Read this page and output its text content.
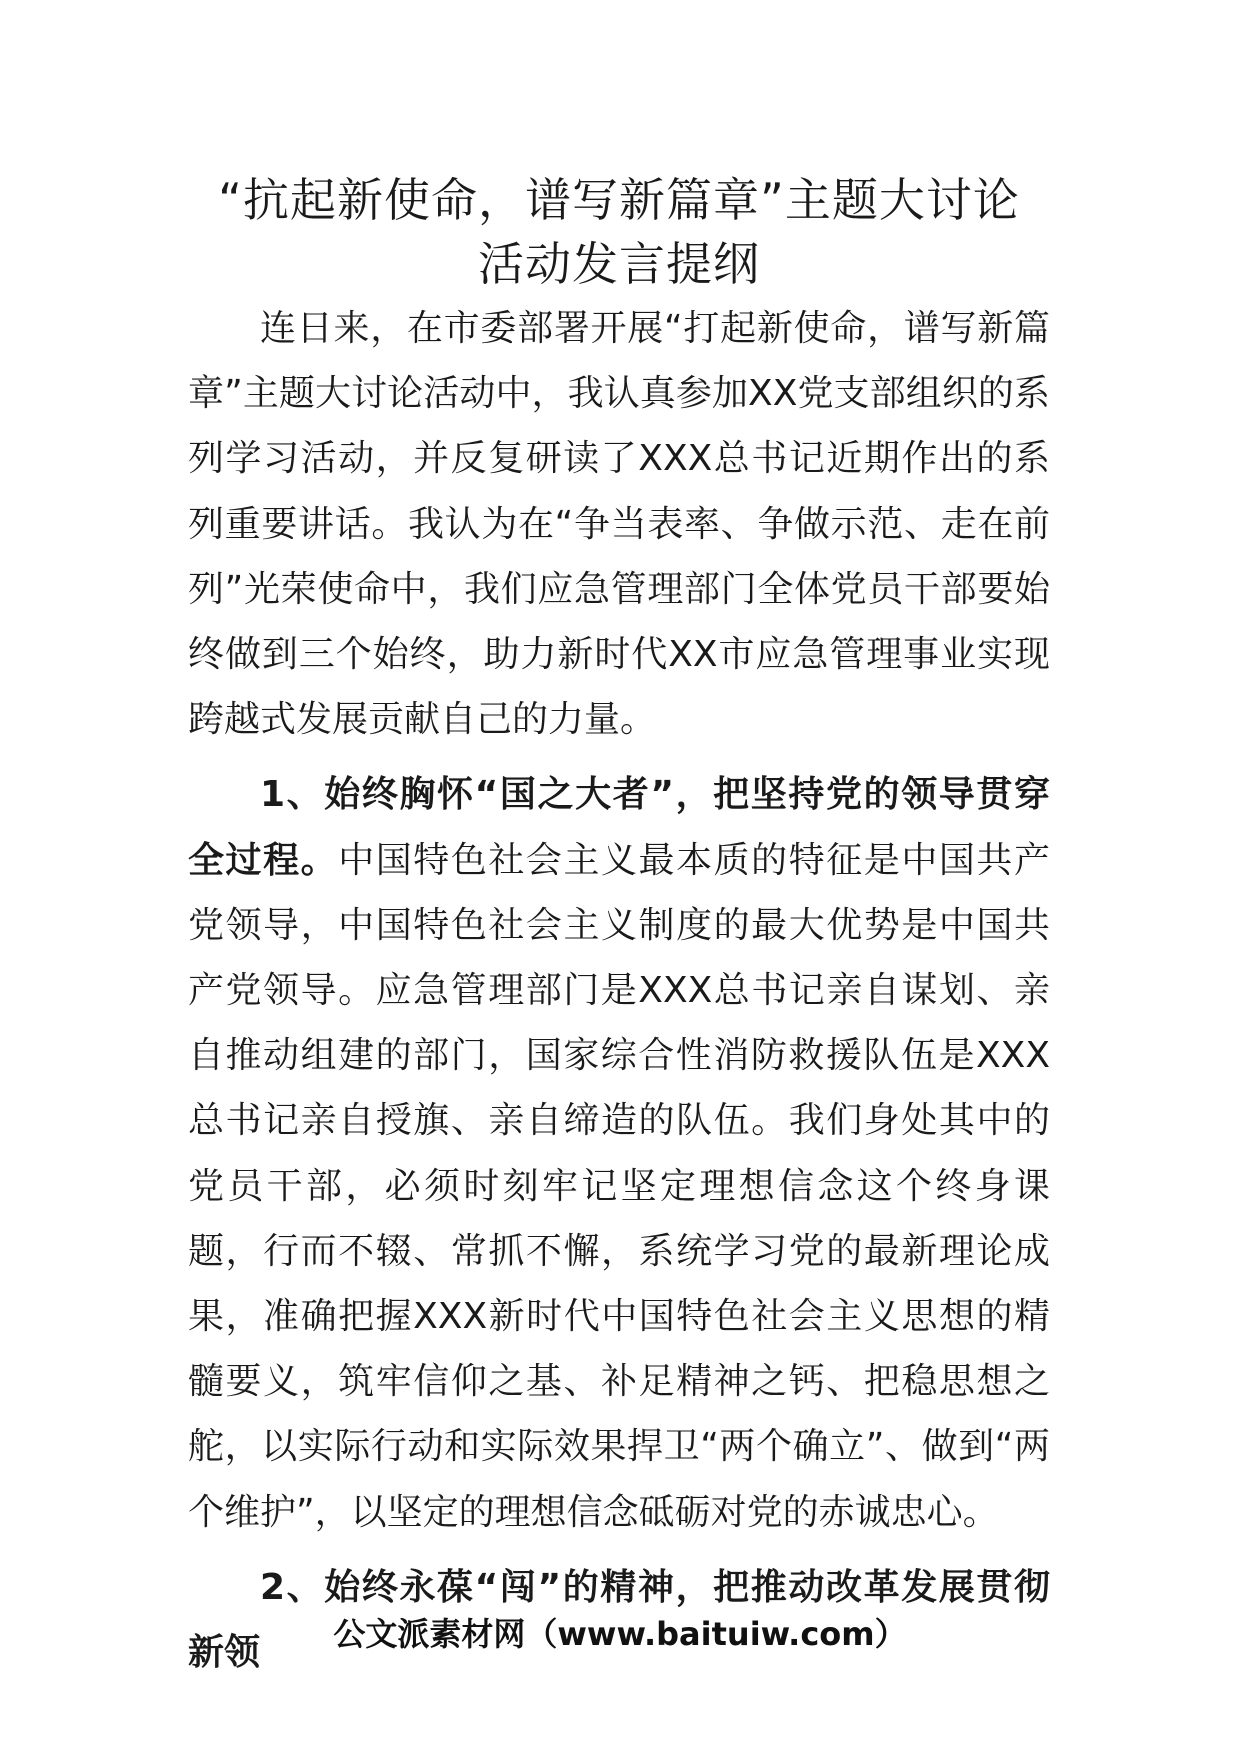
“抗起新使命，谱写新篇章”主题大讨论
活动发言提纲

连日来，在市委部署开展“打起新使命，谱写新篇章”主题大讨论活动中，我认真参加XX党支部组织的系列学习活动，并反复研读了XXX总书记近期作出的系列重要讲话。我认为在“争当表率、争做示范、走在前列”光荣使命中，我们应急管理部门全体党员干部要始终做到三个始终，助力新时代XX市应急管理事业实现跨越式发展贡献自己的力量。

1、始终胸怀“国之大者”，把坚持党的领导贯穿全过程。中国特色社会主义最本质的特征是中国共产党领导，中国特色社会主义制度的最大优势是中国共产党领导。应急管理部门是XXX总书记亲自谋划、亲自推动组建的部门，国家综合性消防救援队伍是XXX总书记亲自授旗、亲自缔造的队伍。我们身处其中的党员干部，必须时刻牢记坚定理想信念这个终身课题，行而不辍、常抓不懈，系统学习党的最新理论成果，准确把握XXX新时代中国特色社会主义思想的精髓要义，筑牢信仰之基、补足精神之钙、把稳思想之舵，以实际行动和实际效果捍卫“两个确立”、做到“两个维护”，以坚定的理想信念砥砺对党的赤诚忠心。

2、始终永葆“闯”的精神，把推动改革发展贯彻新领	公文派素材网（www.baituiw.com）
